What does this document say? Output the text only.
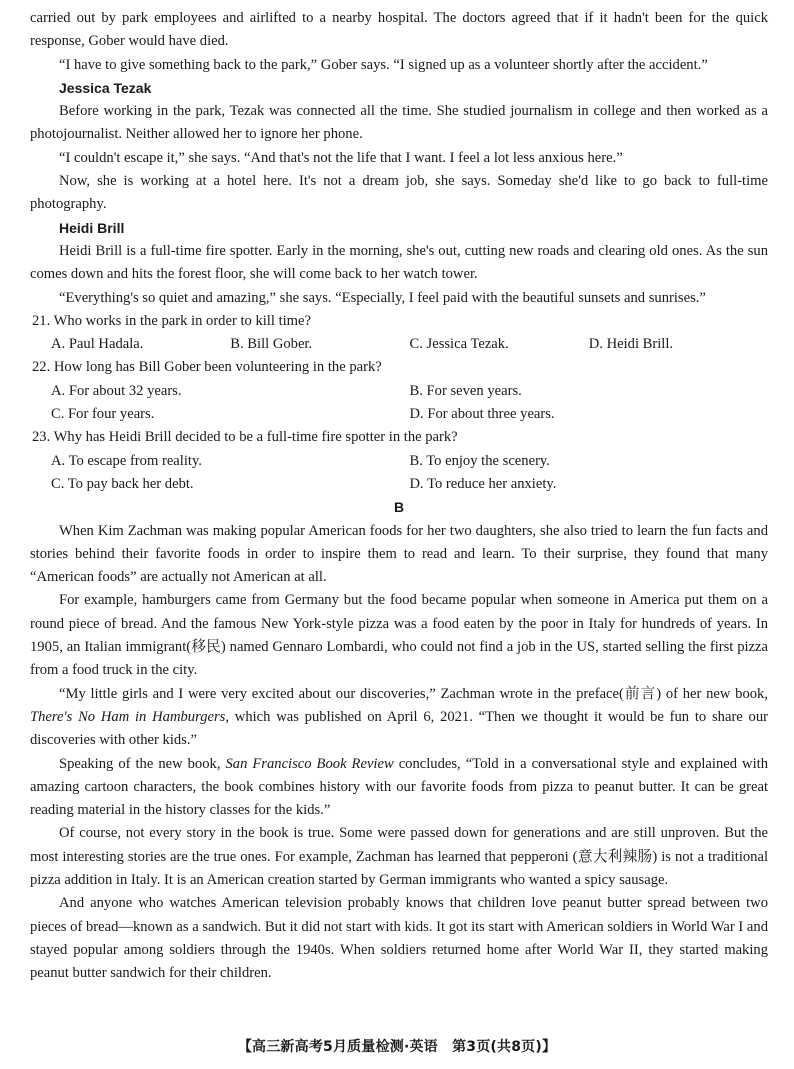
carried out by park employees and airlifted to a nearby hospital. The doctors agreed that if it hadn't been for the quick response, Gober would have died.

“I have to give something back to the park,” Gober says. “I signed up as a volunteer shortly after the accident.”

Jessica Tezak

Before working in the park, Tezak was connected all the time. She studied journalism in college and then worked as a photojournalist. Neither allowed her to ignore her phone.

“I couldn't escape it,” she says. “And that's not the life that I want. I feel a lot less anxious here.”

Now, she is working at a hotel here. It's not a dream job, she says. Someday she'd like to go back to full-time photography.

Heidi Brill

Heidi Brill is a full-time fire spotter. Early in the morning, she's out, cutting new roads and clearing old ones. As the sun comes down and hits the forest floor, she will come back to her watch tower.

“Everything's so quiet and amazing,” she says. “Especially, I feel paid with the beautiful sunsets and sunrises.”

21. Who works in the park in order to kill time?

A. Paul Hadala.	B. Bill Gober.	C. Jessica Tezak.	D. Heidi Brill.

22. How long has Bill Gober been volunteering in the park?

A. For about 32 years.	B. For seven years.
C. For four years.	D. For about three years.

23. Why has Heidi Brill decided to be a full-time fire spotter in the park?

A. To escape from reality.	B. To enjoy the scenery.
C. To pay back her debt.	D. To reduce her anxiety.

B

When Kim Zachman was making popular American foods for her two daughters, she also tried to learn the fun facts and stories behind their favorite foods in order to inspire them to read and learn. To their surprise, they found that many “American foods” are actually not American at all.

For example, hamburgers came from Germany but the food became popular when someone in America put them on a round piece of bread. And the famous New York-style pizza was a food eaten by the poor in Italy for hundreds of years. In 1905, an Italian immigrant(移民) named Gennaro Lombardi, who could not find a job in the US, started selling the first pizza from a food truck in the city.

“My little girls and I were very excited about our discoveries,” Zachman wrote in the preface(前言) of her new book, There's No Ham in Hamburgers, which was published on April 6, 2021. “Then we thought it would be fun to share our discoveries with other kids.”

Speaking of the new book, San Francisco Book Review concludes, “Told in a conversational style and explained with amazing cartoon characters, the book combines history with our favorite foods from pizza to peanut butter. It can be great reading material in the history classes for the kids.”

Of course, not every story in the book is true. Some were passed down for generations and are still unproven. But the most interesting stories are the true ones. For example, Zachman has learned that pepperoni (意大利辣肠) is not a traditional pizza addition in Italy. It is an American creation started by German immigrants who wanted a spicy sausage.

And anyone who watches American television probably knows that children love peanut butter spread between two pieces of bread—known as a sandwich. But it did not start with kids. It got its start with American soldiers in World War I and stayed popular among soldiers through the 1940s. When soldiers returned home after World War II, they started making peanut butter sandwich for their children.

【高三新高考5月质量检测·英语　第3页(共8页)】
